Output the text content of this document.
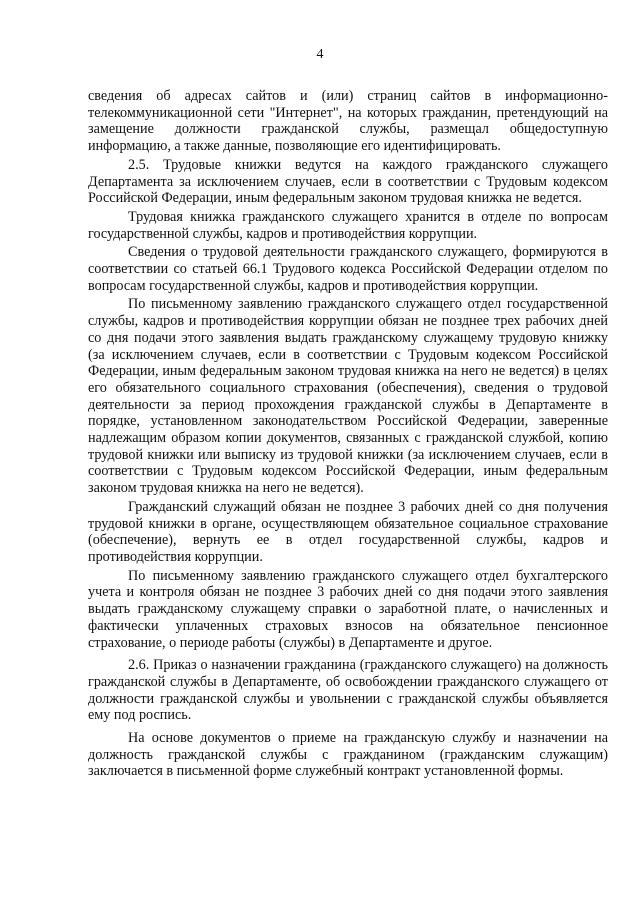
4

сведения об адресах сайтов и (или) страниц сайтов в информационно-телекоммуникационной сети "Интернет", на которых гражданин, претендующий на замещение должности гражданской службы, размещал общедоступную информацию, а также данные, позволяющие его идентифицировать.

2.5. Трудовые книжки ведутся на каждого гражданского служащего Департамента за исключением случаев, если в соответствии с Трудовым кодексом Российской Федерации, иным федеральным законом трудовая книжка не ведется.

Трудовая книжка гражданского служащего хранится в отделе по вопросам государственной службы, кадров и противодействия коррупции.

Сведения о трудовой деятельности гражданского служащего, формируются в соответствии со статьей 66.1 Трудового кодекса Российской Федерации отделом по вопросам государственной службы, кадров и противодействия коррупции.

По письменному заявлению гражданского служащего отдел государственной службы, кадров и противодействия коррупции обязан не позднее трех рабочих дней со дня подачи этого заявления выдать гражданскому служащему трудовую книжку (за исключением случаев, если в соответствии с Трудовым кодексом Российской Федерации, иным федеральным законом трудовая книжка на него не ведется) в целях его обязательного социального страхования (обеспечения), сведения о трудовой деятельности за период прохождения гражданской службы в Департаменте в порядке, установленном законодательством Российской Федерации, заверенные надлежащим образом копии документов, связанных с гражданской службой, копию трудовой книжки или выписку из трудовой книжки (за исключением случаев, если в соответствии с Трудовым кодексом Российской Федерации, иным федеральным законом трудовая книжка на него не ведется).

Гражданский служащий обязан не позднее 3 рабочих дней со дня получения трудовой книжки в органе, осуществляющем обязательное социальное страхование (обеспечение), вернуть ее в отдел государственной службы, кадров и противодействия коррупции.

По письменному заявлению гражданского служащего отдел бухгалтерского учета и контроля обязан не позднее 3 рабочих дней со дня подачи этого заявления выдать гражданскому служащему справки о заработной плате, о начисленных и фактически уплаченных страховых взносов на обязательное пенсионное страхование, о периоде работы (службы) в Департаменте и другое.

2.6. Приказ о назначении гражданина (гражданского служащего) на должность гражданской службы в Департаменте, об освобождении гражданского служащего от должности гражданской службы и увольнении с гражданской службы объявляется ему под роспись.

На основе документов о приеме на гражданскую службу и назначении на должность гражданской службы с гражданином (гражданским служащим) заключается в письменной форме служебный контракт установленной формы.
